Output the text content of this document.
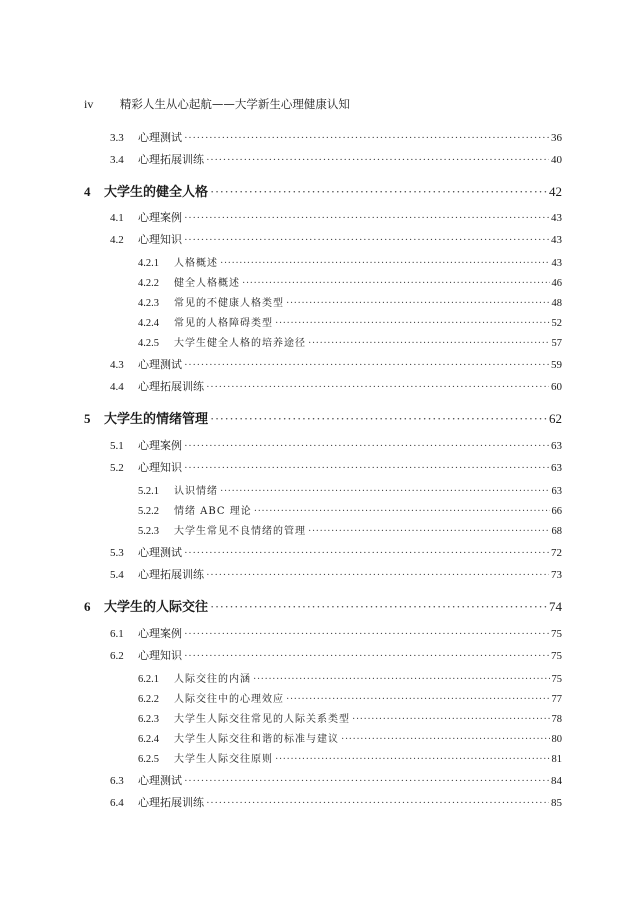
iv 精彩人生从心起航——大学新生心理健康认知
3.3	心理测试 ·····	36
3.4	心理拓展训练 ·····	40
4	大学生的健全人格 ·····	42
4.1	心理案例 ·····	43
4.2	心理知识 ·····	43
4.2.1	人格概述 ·····	43
4.2.2	健全人格概述 ·····	46
4.2.3	常见的不健康人格类型 ·····	48
4.2.4	常见的人格障碍类型 ·····	52
4.2.5	大学生健全人格的培养途径 ·····	57
4.3	心理测试 ·····	59
4.4	心理拓展训练 ·····	60
5	大学生的情绪管理 ·····	62
5.1	心理案例 ·····	63
5.2	心理知识 ·····	63
5.2.1	认识情绪 ·····	63
5.2.2	情绪 ABC 理论 ·····	66
5.2.3	大学生常见不良情绪的管理 ·····	68
5.3	心理测试 ·····	72
5.4	心理拓展训练 ·····	73
6	大学生的人际交往 ·····	74
6.1	心理案例 ·····	75
6.2	心理知识 ·····	75
6.2.1	人际交往的内涵 ·····	75
6.2.2	人际交往中的心理效应 ·····	77
6.2.3	大学生人际交往常见的人际关系类型 ·····	78
6.2.4	大学生人际交往和谐的标准与建议 ·····	80
6.2.5	大学生人际交往原则 ·····	81
6.3	心理测试 ·····	84
6.4	心理拓展训练 ·····	85
